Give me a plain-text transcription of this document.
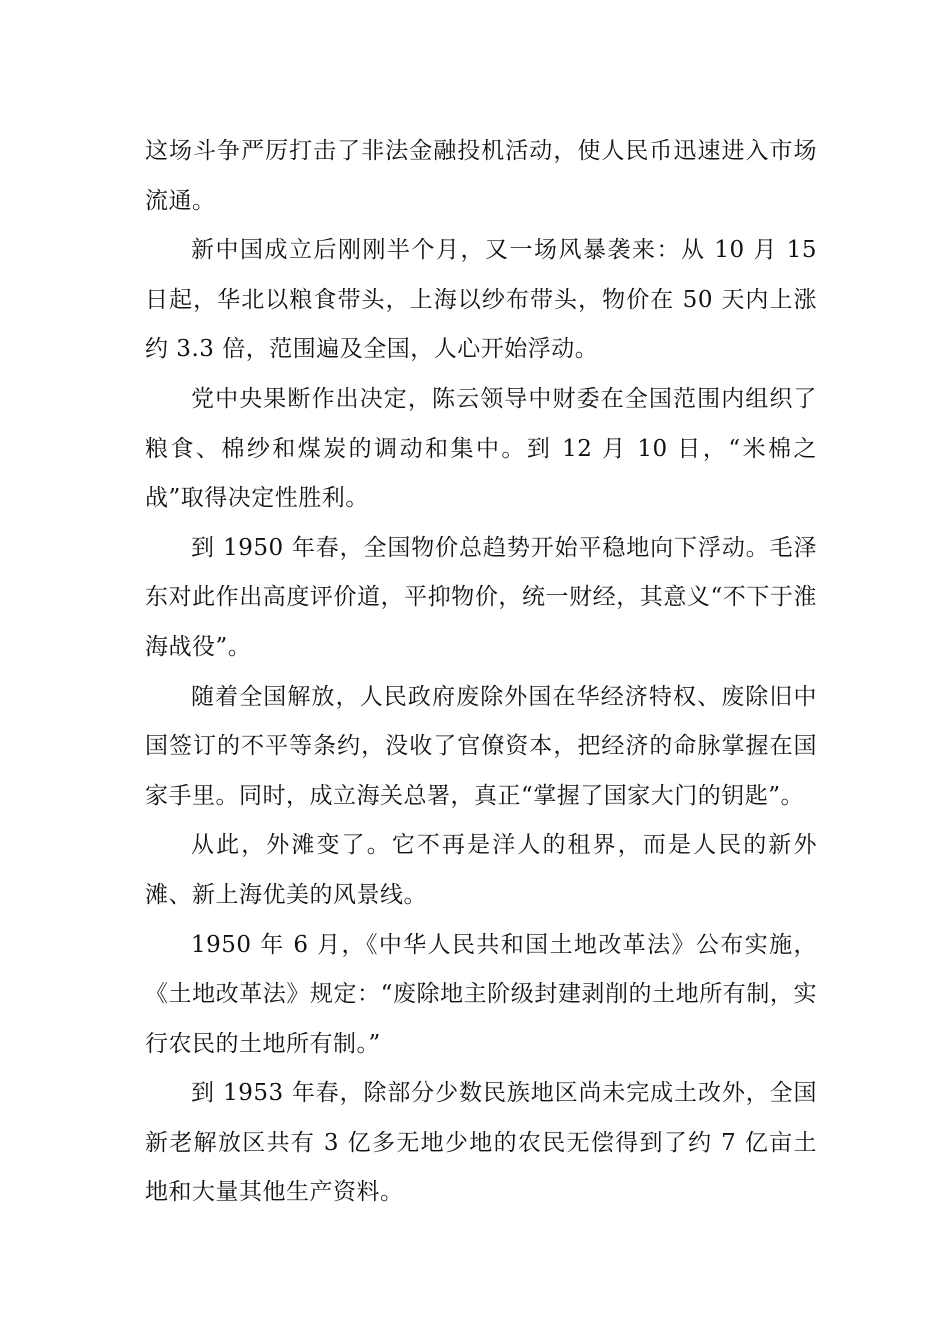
这场斗争严厉打击了非法金融投机活动，使人民币迅速进入市场流通。

新中国成立后刚刚半个月，又一场风暴袭来：从 10 月 15 日起，华北以粮食带头，上海以纱布带头，物价在 50 天内上涨约 3.3 倍，范围遍及全国，人心开始浮动。

党中央果断作出决定，陈云领导中财委在全国范围内组织了粮食、棉纱和煤炭的调动和集中。到 12 月 10 日，“米棉之战”取得决定性胜利。

到 1950 年春，全国物价总趋势开始平稳地向下浮动。毛泽东对此作出高度评价道，平抑物价，统一财经，其意义“不下于淮海战役”。

随着全国解放，人民政府废除外国在华经济特权、废除旧中国签订的不平等条约，没收了官僚资本，把经济的命脉掌握在国家手里。同时，成立海关总署，真正“掌握了国家大门的钥匙”。

从此，外滩变了。它不再是洋人的租界，而是人民的新外滩、新上海优美的风景线。

1950 年 6 月，《中华人民共和国土地改革法》公布实施，《土地改革法》规定：“废除地主阶级封建剥削的土地所有制，实行农民的土地所有制。”

到 1953 年春，除部分少数民族地区尚未完成土改外，全国新老解放区共有 3 亿多无地少地的农民无偿得到了约 7 亿亩土地和大量其他生产资料。
